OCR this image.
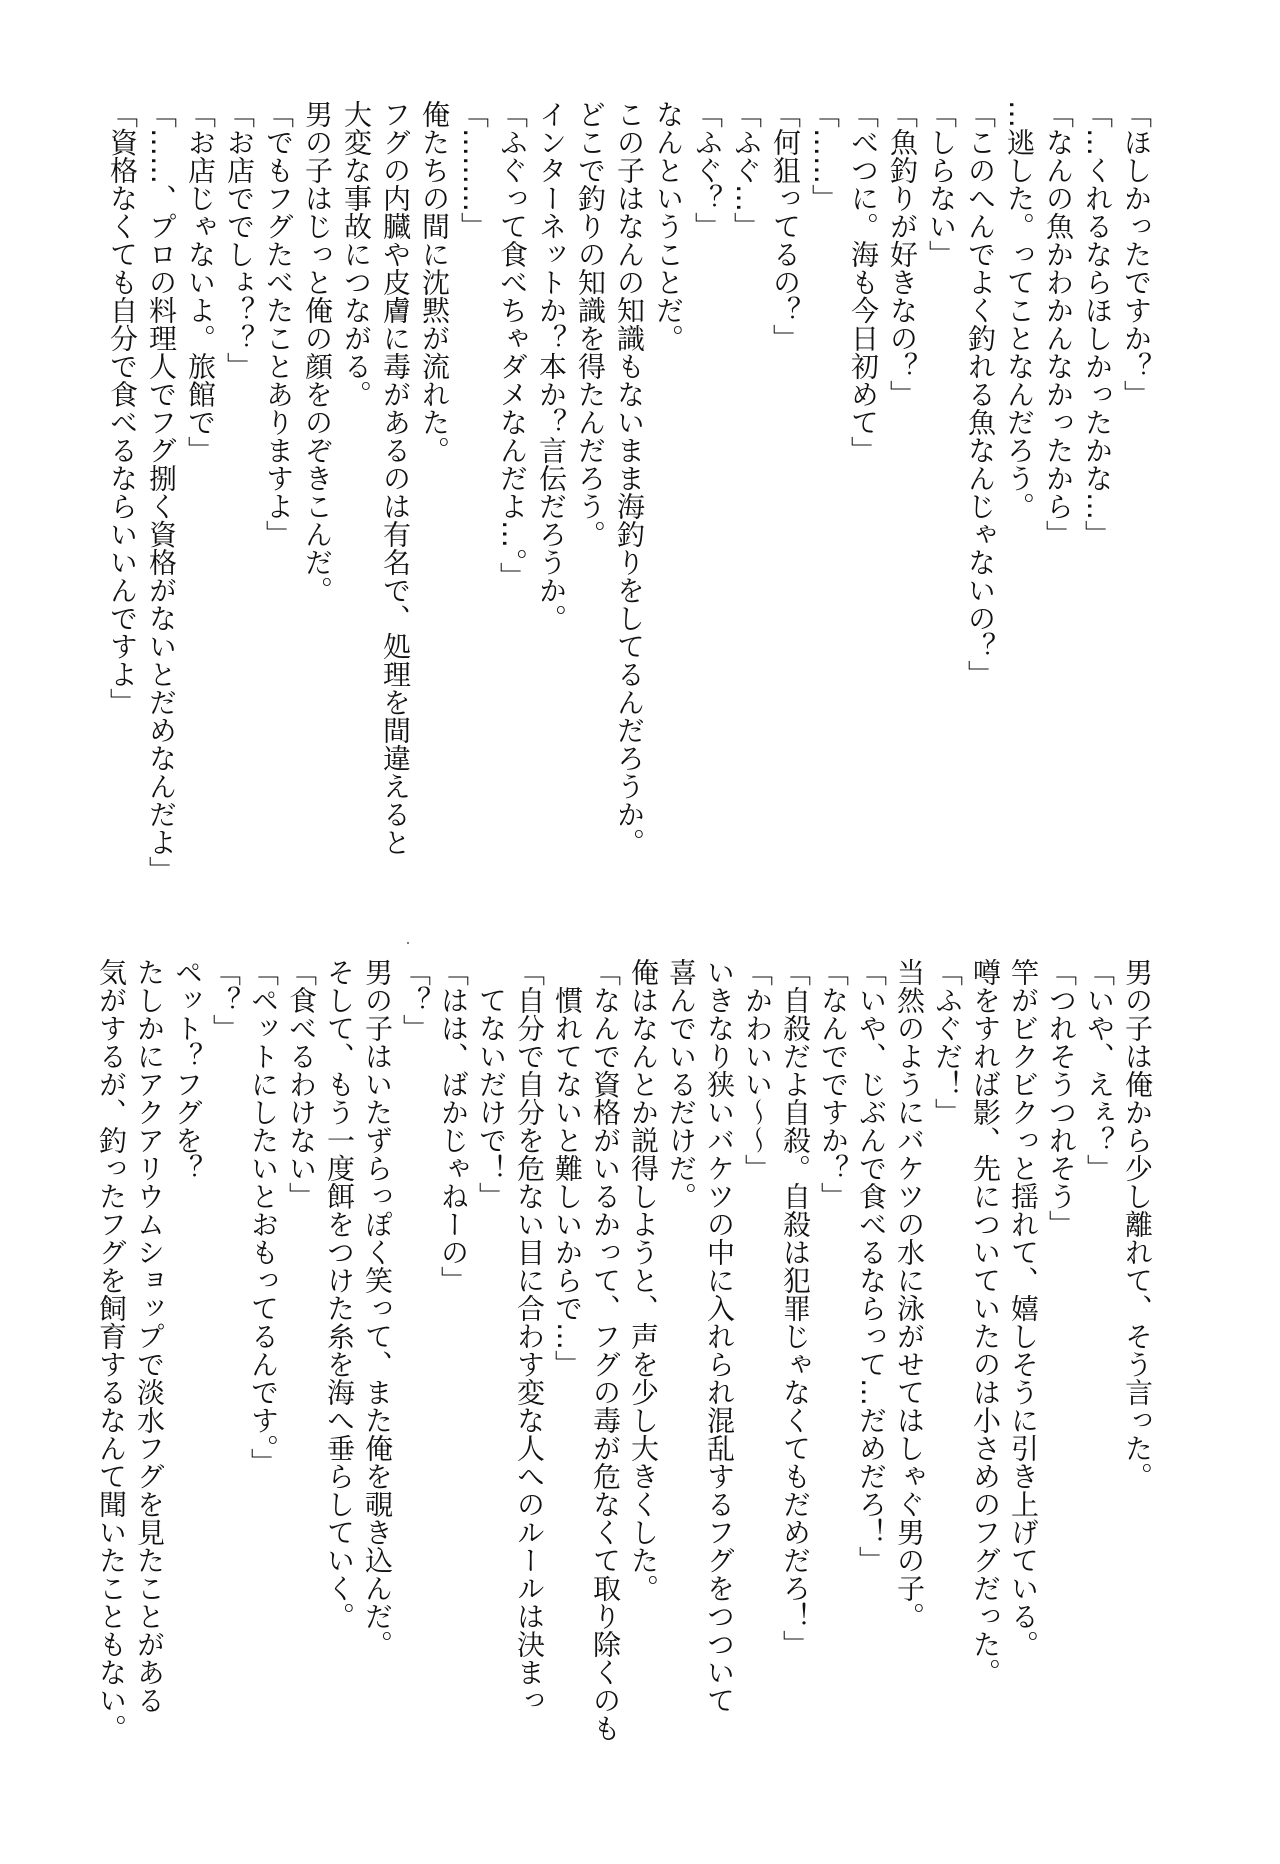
「ほしかったですか？」

「…くれるならほしかったかな…」

「なんの魚かわかんなかったから」

…逃した。ってことなんだろう。

「このへんでよく釣れる魚なんじゃないの？」

「しらない」

「魚釣りが好きなの？」

「べつに。海も今日初めて」

「……」

「何狙ってるの？」

「ふぐ…」

「ふぐ？」

なんということだ。

この子はなんの知識もないまま海釣りをしてるんだろうか。

どこで釣りの知識を得たんだろう。

インターネットか？本か？言伝だろうか。

「ふぐって食べちゃダメなんだよ…。」

「………」

俺たちの間に沈黙が流れた。

フグの内臓や皮膚に毒があるのは有名で、処理を間違えると

大変な事故につながる。

男の子はじっと俺の顔をのぞきこんだ。

「でもフグたべたことありますよ」

「お店ででしょ？？」

「お店じゃないよ。旅館で」

「……、プロの料理人でフグ捌く資格がないとだめなんだよ」

「資格なくても自分で食べるならいいんですよ」

男の子は俺から少し離れて、そう言った。

「いや、えぇ？」

「つれそうつれそう」

竿がビクビクっと揺れて、嬉しそうに引き上げている。

噂をすれば影、先についていたのは小さめのフグだった。

「ふぐだ！」

当然のようにバケツの水に泳がせてはしゃぐ男の子。

「いや、じぶんで食べるならって…だめだろ！」

「なんでですか？」

「自殺だよ自殺。自殺は犯罪じゃなくてもだめだろ！」

「かわいい〜〜」

いきなり狭いバケツの中に入れられ混乱するフグをつついて

喜んでいるだけだ。

俺はなんとか説得しようと、声を少し大きくした。

「なんで資格がいるかって、フグの毒が危なくて取り除くのも

　慣れてないと難しいからで…」

「自分で自分を危ない目に合わす変な人へのルールは決まっ

　てないだけで！」

「はは、ばかじゃねーの」

「？」

男の子はいたずらっぽく笑って、また俺を覗き込んだ。

そして、もう一度餌をつけた糸を海へ垂らしていく。

「食べるわけない」

「ペットにしたいとおもってるんです。」

「？」

ペット？フグを？

たしかにアクアリウムショップで淡水フグを見たことがある

気がするが、釣ったフグを飼育するなんて聞いたこともない。
